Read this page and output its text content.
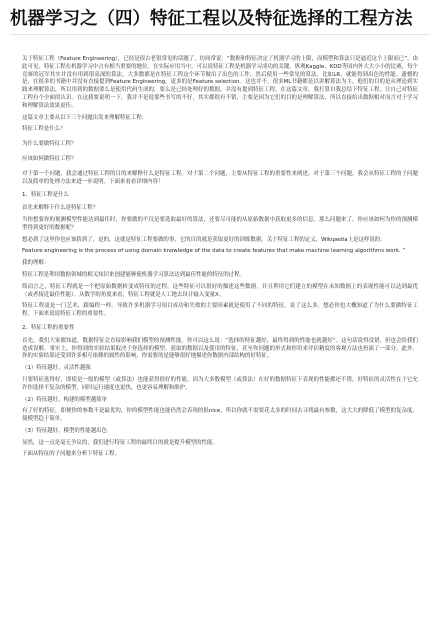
机器学习之（四）特征工程以及特征选择的工程方法

关于特征工程（Feature Engineering），已经是很古老很常见的话题了，坊间常说：“数据和特征决定了机器学习的上限，而模型和算法只是逼近这个上限而已”。由此可见，特征工程在机器学习中占有相当重要的地位。在实际应用当中，可以说特征工程是机器学习成功的关键。纵观Kaggle、KDD等国内外大大小小的比赛，每个竞赛的冠军其实并没有用到很高深的算法，大多数都是在特征工程这个环节做出了出色的工作，然后使用一些常见的算法，比如LR，就能得到出色的性能。遗憾的是，在很多的书籍中并没有直接提到Feature Engineering，更多的是Feature selection。这也并不，很多ML书籍都是以讲解算法为主，他们的目的是从理论到实践来理解算法，所以用到的数据要么是使用代码生成的，要么是已经处理好的数据，并没有提到特征工程。在这篇文章，我打算自我总结下特征工程，让自己对特征工程有个全面的认识。在这我要说明一下，我并不是说那些书写的不好，其实都很有不错，主要是因为它们的目的是理解算法，所以直接给出数据相对而言对于学习和理解算法效果更佳。

这篇文章主要从以下三个问题出发来理解特征工程：

特征工程是什么？

为什么要做特征工程？

应该如何做特征工程？

对于第一个问题，我会通过特征工程的目的来解释什么是特征工程。对于第二个问题，主要从特征工程的重要性来阐述。对于第三个问题，我会从特征工程的子问题以及简单的处理方法来进一步说明。下面来看看详细内容！

1、特征工程是什么

首先来解释下什么是特征工程？

当你想要你的预测模型性能达到最佳时，你要做的不仅是要选取最好的算法，还要尽可能的从原始数据中获取更多的信息。那么问题来了，你应该如何为你的预测模型得到更好的数据呢？

想必到了这里你也应该猜到了，是的，这就是特征工程要做的事，它的目的就是获取更好的训练数据。关于特征工程的定义，Wikipedia上是这样说的：

Feature engineering is the process of using domain knowledge of the data to create features that make machine learning algorithms work. ”

我的理解：

特征工程是利用数据领域的相关知识来创建能够使机器学习算法达到最佳性能的特征的过程。

简而言之，特征工程就是一个把原始数据转变成特征的过程，这些特征可以很好的描述这些数据，并且利用它们建立的模型在未知数据上的表现性能可以达到最优（或者接近最佳性能）。从数学的角度来看，特征工程就是人工地去设计输入变量X。

特征工程更是一门艺术，跟编程一样。导致许多机器学习项目成功和失败的主要因素就是使用了不同的特征。说了这么多，想必你也大概知道了为什么要做特征工程，下面来说说特征工程的重要性。

2、特征工程的重要性

首先，我们大家都知道，数据特征会直接影响我们模型的预测性能。你可以这么说：“选择的特征越好，最终得到的性能也就越好”。这句话说得没错，但也会给我们造成误解。事实上，你得到的实验结果取决于你选择的模型、获取的数据以及使用的特征，甚至你问题的形式和你用来评估精度的客观方法也扮演了一部分。此外，你的实验结果还受到许多相互依赖的属性的影响，你需要的是能够很好地描述你数据内部结构的好特征。

（1）特征越好，灵活性越强

只要特征选得好，即使是一般的模型（或算法）也能获得很好的性能，因为大多数模型（或算法）在好的数据特征下表现的性能都还不错。好特征的灵活性在于它允许你选择不复杂的模型，同时运行速度也更快，也更容易理解和维护。

（2）特征越好，构建的模型越简单

有了好的特征，即便你的参数不是最优的，你的模型性能也能仍然会表现的很nice，所以你就不需要花太多的时间去寻找最有参数，这大大的降低了模型的复杂度，使模型趋于简单。

（3）特征越好，模型的性能越出色

显然，这一点是毫无争议的，我们进行特征工程的最终目的就是提升模型的性能。

下面从特征的子问题来分析下特征工程。
